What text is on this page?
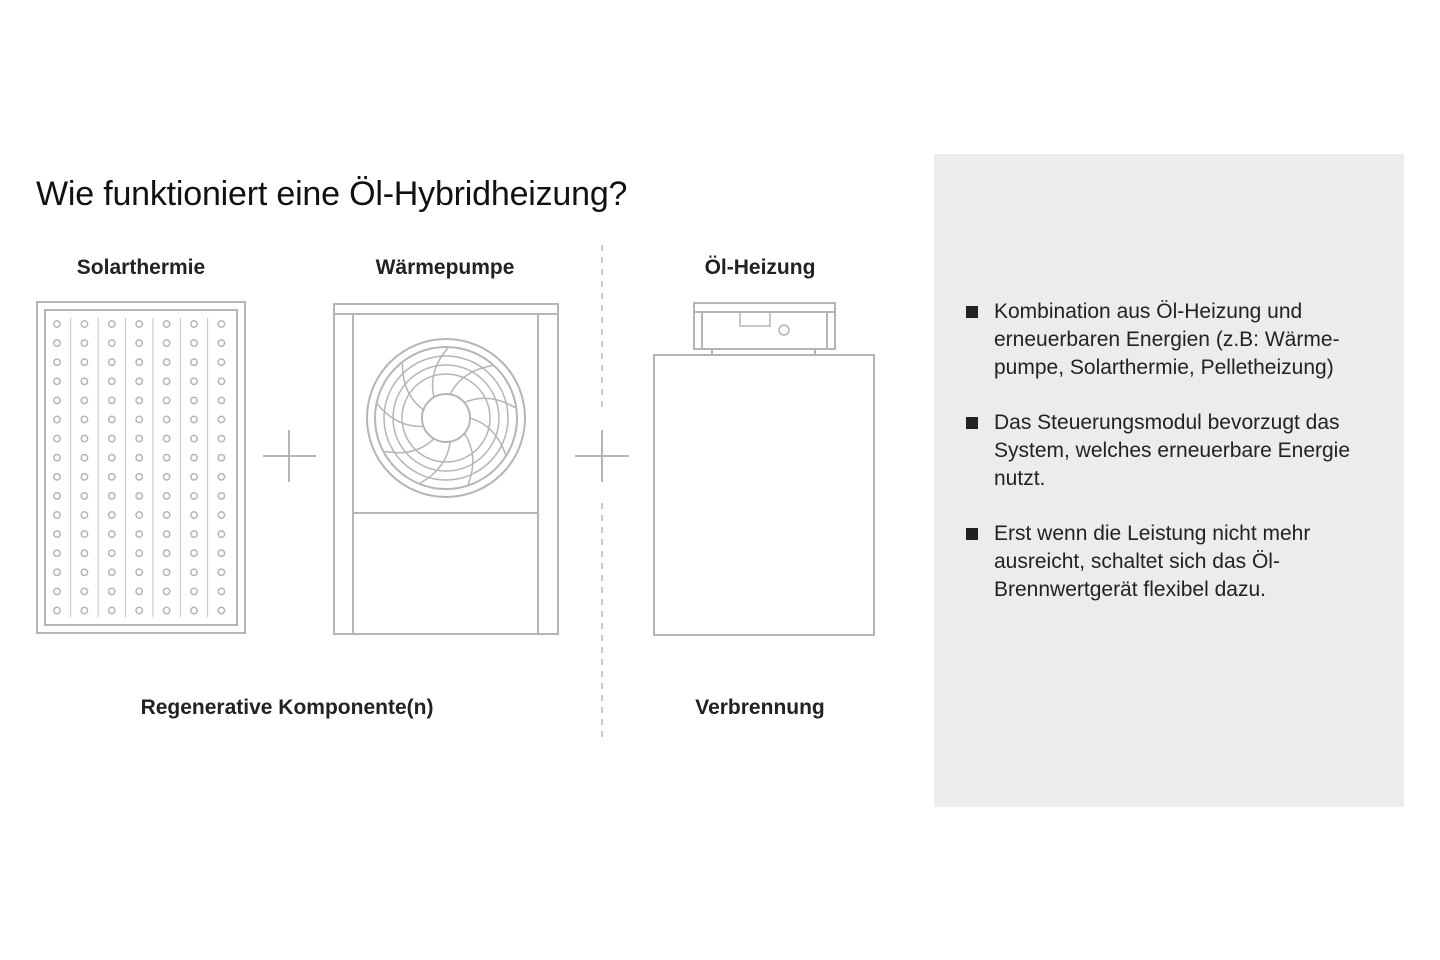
Wie funktioniert eine Öl-Hybridheizung?
Solarthermie	Wärmepumpe	Öl-Heizung
Regenerative Komponente(n)	Verbrennung
Kombination aus Öl-Heizung und erneuerbaren Energien (z.B: Wärme-pumpe, Solarthermie, Pelletheizung)
Das Steuerungsmodul bevorzugt das System, welches erneuerbare Energie nutzt.
Erst wenn die Leistung nicht mehr ausreicht, schaltet sich das Öl-Brennwertgerät flexibel dazu.
